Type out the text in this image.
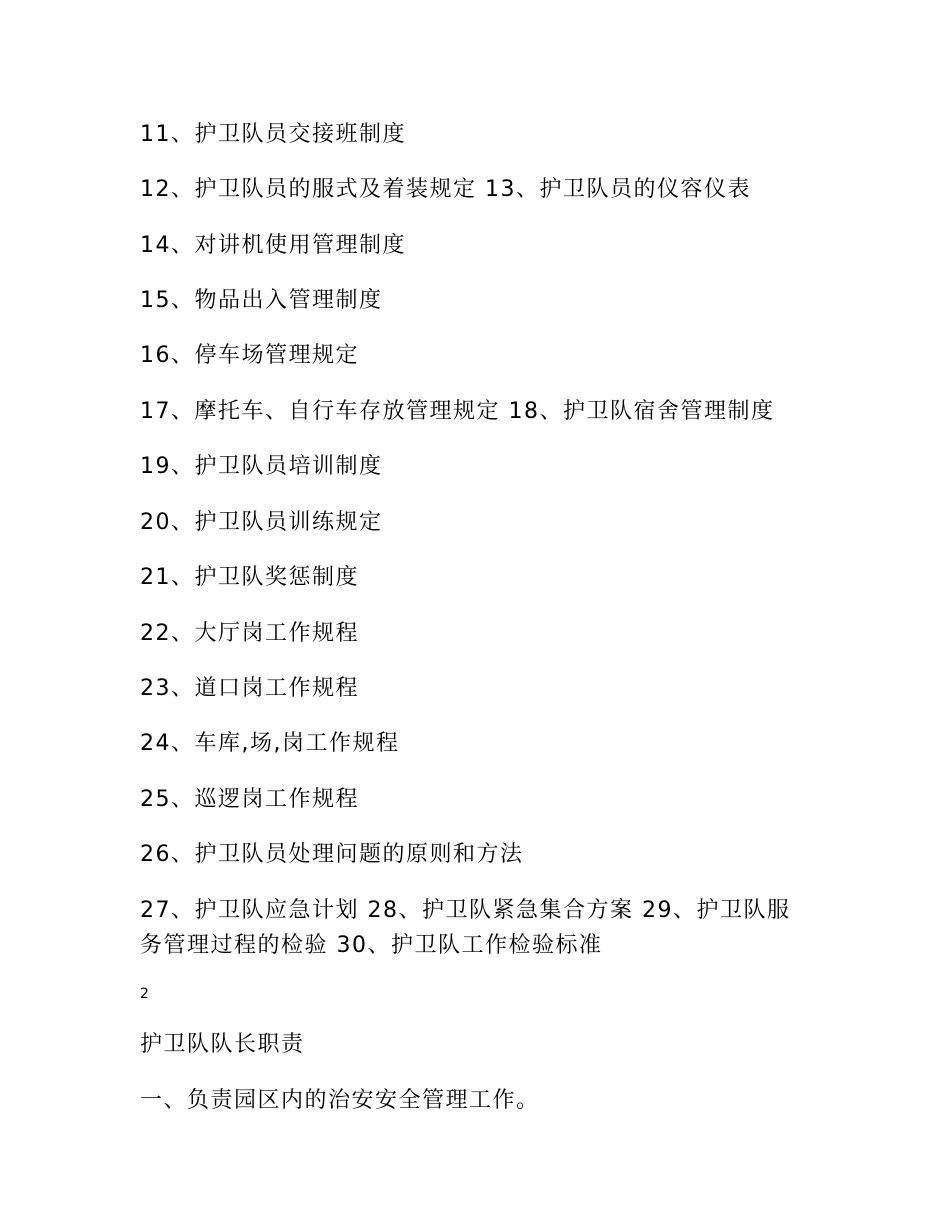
11、护卫队员交接班制度
12、护卫队员的服式及着装规定 13、护卫队员的仪容仪表
14、对讲机使用管理制度
15、物品出入管理制度
16、停车场管理规定
17、摩托车、自行车存放管理规定 18、护卫队宿舍管理制度
19、护卫队员培训制度
20、护卫队员训练规定
21、护卫队奖惩制度
22、大厅岗工作规程
23、道口岗工作规程
24、车库,场,岗工作规程
25、巡逻岗工作规程
26、护卫队员处理问题的原则和方法
27、护卫队应急计划 28、护卫队紧急集合方案 29、护卫队服
务管理过程的检验 30、护卫队工作检验标准
2
护卫队队长职责
一、负责园区内的治安安全管理工作。
